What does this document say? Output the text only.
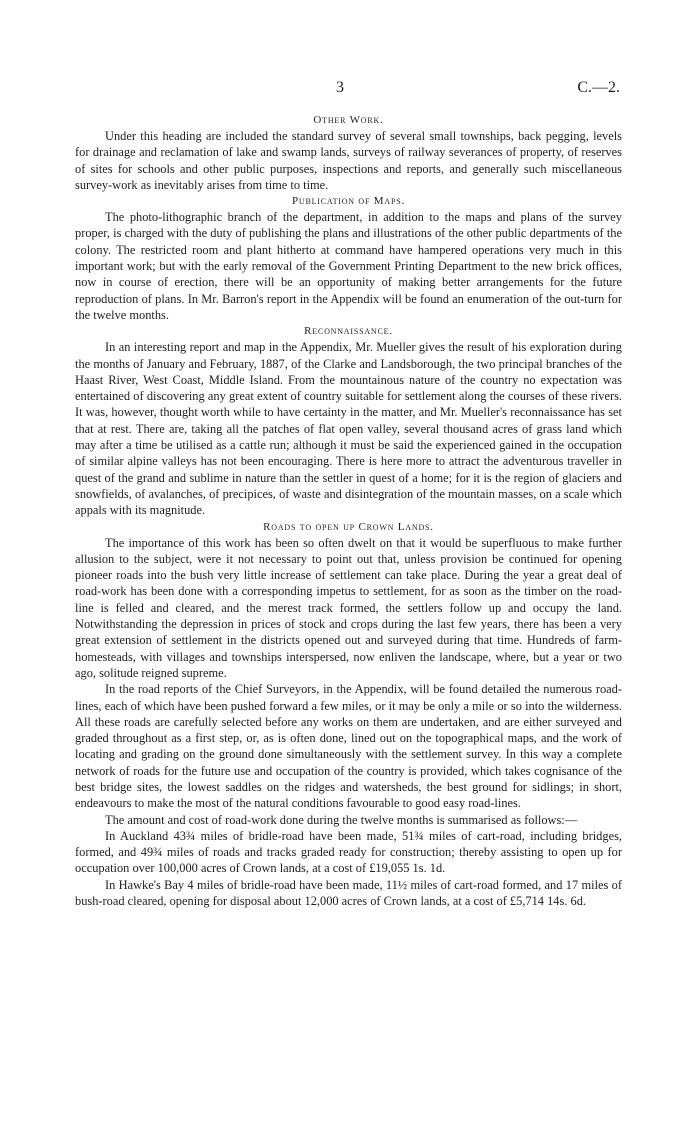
3	C.—2.
Other Work.

Under this heading are included the standard survey of several small townships, back pegging, levels for drainage and reclamation of lake and swamp lands, surveys of railway severances of property, of reserves of sites for schools and other public purposes, inspections and reports, and generally such miscellaneous survey-work as inevitably arises from time to time.

Publication of Maps.

The photo-lithographic branch of the department, in addition to the maps and plans of the survey proper, is charged with the duty of publishing the plans and illustrations of the other public departments of the colony. The restricted room and plant hitherto at command have hampered operations very much in this important work; but with the early removal of the Government Printing Department to the new brick offices, now in course of erection, there will be an opportunity of making better arrangements for the future reproduction of plans. In Mr. Barron's report in the Appendix will be found an enumeration of the out-turn for the twelve months.

Reconnaissance.

In an interesting report and map in the Appendix, Mr. Mueller gives the result of his exploration during the months of January and February, 1887, of the Clarke and Landsborough, the two principal branches of the Haast River, West Coast, Middle Island. From the mountainous nature of the country no expectation was entertained of discovering any great extent of country suitable for settlement along the courses of these rivers. It was, however, thought worth while to have certainty in the matter, and Mr. Mueller's reconnaissance has set that at rest. There are, taking all the patches of flat open valley, several thousand acres of grass land which may after a time be utilised as a cattle run; although it must be said the experienced gained in the occupation of similar alpine valleys has not been encouraging. There is here more to attract the adventurous traveller in quest of the grand and sublime in nature than the settler in quest of a home; for it is the region of glaciers and snowfields, of avalanches, of precipices, of waste and disintegration of the mountain masses, on a scale which appals with its magnitude.

Roads to open up Crown Lands.

The importance of this work has been so often dwelt on that it would be superfluous to make further allusion to the subject, were it not necessary to point out that, unless provision be continued for opening pioneer roads into the bush very little increase of settlement can take place. During the year a great deal of road-work has been done with a corresponding impetus to settlement, for as soon as the timber on the road-line is felled and cleared, and the merest track formed, the settlers follow up and occupy the land. Notwithstanding the depression in prices of stock and crops during the last few years, there has been a very great extension of settlement in the districts opened out and surveyed during that time. Hundreds of farm-homesteads, with villages and townships interspersed, now enliven the landscape, where, but a year or two ago, solitude reigned supreme.

In the road reports of the Chief Surveyors, in the Appendix, will be found detailed the numerous road-lines, each of which have been pushed forward a few miles, or it may be only a mile or so into the wilderness. All these roads are carefully selected before any works on them are undertaken, and are either surveyed and graded throughout as a first step, or, as is often done, lined out on the topographical maps, and the work of locating and grading on the ground done simultaneously with the settlement survey. In this way a complete network of roads for the future use and occupation of the country is provided, which takes cognisance of the best bridge sites, the lowest saddles on the ridges and watersheds, the best ground for sidlings; in short, endeavours to make the most of the natural conditions favourable to good easy road-lines.

The amount and cost of road-work done during the twelve months is summarised as follows:—

In Auckland 43¾ miles of bridle-road have been made, 51¾ miles of cart-road, including bridges, formed, and 49¾ miles of roads and tracks graded ready for construction; thereby assisting to open up for occupation over 100,000 acres of Crown lands, at a cost of £19,055 1s. 1d.

In Hawke's Bay 4 miles of bridle-road have been made, 11½ miles of cart-road formed, and 17 miles of bush-road cleared, opening for disposal about 12,000 acres of Crown lands, at a cost of £5,714 14s. 6d.
